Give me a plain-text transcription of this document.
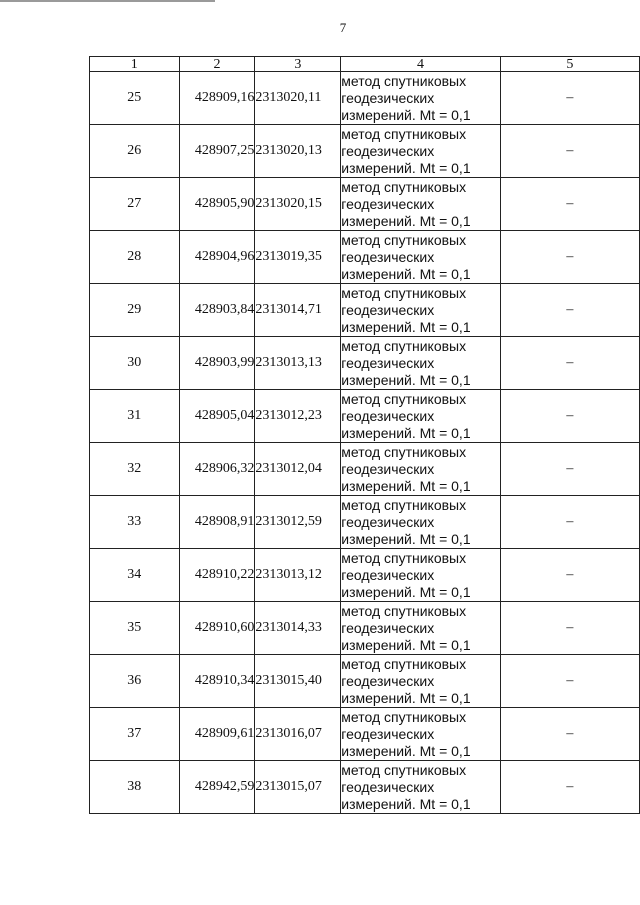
7
1	2	3	4	5
25	428909,16	2313020,11	метод спутниковых
геодезических
измерений. Mt = 0,1	–
26	428907,25	2313020,13	метод спутниковых
геодезических
измерений. Mt = 0,1	–
27	428905,90	2313020,15	метод спутниковых
геодезических
измерений. Mt = 0,1	–
28	428904,96	2313019,35	метод спутниковых
геодезических
измерений. Mt = 0,1	–
29	428903,84	2313014,71	метод спутниковых
геодезических
измерений. Mt = 0,1	–
30	428903,99	2313013,13	метод спутниковых
геодезических
измерений. Mt = 0,1	–
31	428905,04	2313012,23	метод спутниковых
геодезических
измерений. Mt = 0,1	–
32	428906,32	2313012,04	метод спутниковых
геодезических
измерений. Mt = 0,1	–
33	428908,91	2313012,59	метод спутниковых
геодезических
измерений. Mt = 0,1	–
34	428910,22	2313013,12	метод спутниковых
геодезических
измерений. Mt = 0,1	–
35	428910,60	2313014,33	метод спутниковых
геодезических
измерений. Mt = 0,1	–
36	428910,34	2313015,40	метод спутниковых
геодезических
измерений. Mt = 0,1	–
37	428909,61	2313016,07	метод спутниковых
геодезических
измерений. Mt = 0,1	–
38	428942,59	2313015,07	метод спутниковых
геодезических
измерений. Mt = 0,1	–
